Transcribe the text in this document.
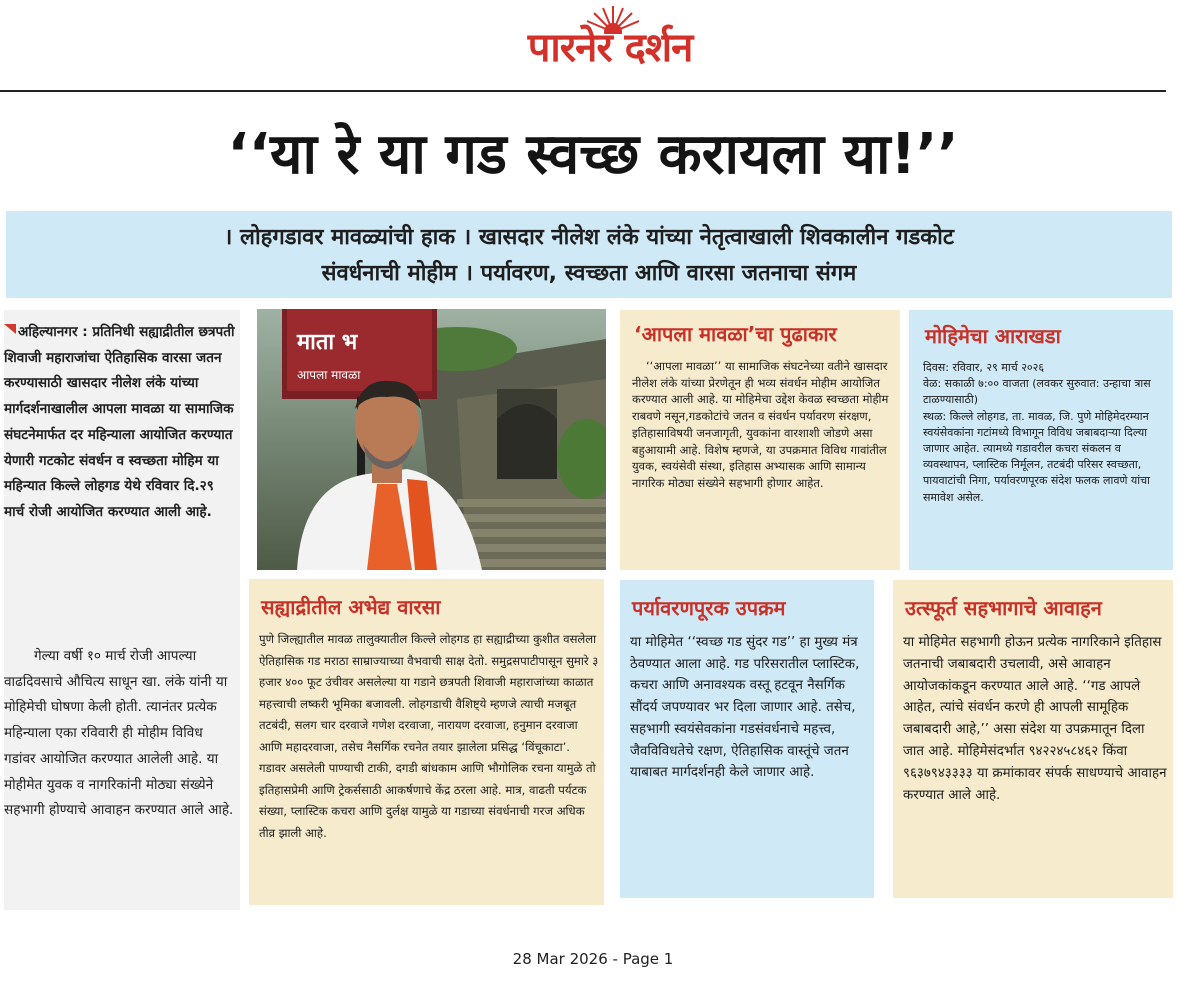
पारनेर दर्शन
‘‘या रे या गड स्वच्छ करायला या!’’
। लोहगडावर मावळ्यांची हाक । खासदार नीलेश लंके यांच्या नेतृत्वाखाली शिवकालीन गडकोट
संवर्धनाची मोहीम । पर्यावरण, स्वच्छता आणि वारसा जतनाचा संगम

अहिल्यानगर : प्रतिनिधी सह्याद्रीतील छत्रपती शिवाजी महाराजांचा ऐतिहासिक वारसा जतन करण्यासाठी खासदार नीलेश लंके यांच्या मार्गदर्शनाखालील आपला मावळा या सामाजिक संघटनेमार्फत दर महिन्याला आयोजित करण्यात येणारी गटकोट संवर्धन व स्वच्छता मोहिम या महिन्यात किल्ले लोहगड येथे रविवार दि.२९ मार्च रोजी आयोजित करण्यात आली आहे.

गेल्या वर्षी १० मार्च रोजी आपल्या वाढदिवसाचे औचित्य साधून खा. लंके यांनी या मोहिमेची घोषणा केली होती. त्यानंतर प्रत्येक महिन्याला एका रविवारी ही मोहीम विविध गडांवर आयोजित करण्यात आलेली आहे. या मोहीमेत युवक व नागरिकांनी मोठ्या संख्येने सहभागी होण्याचे आवाहन करण्यात आले आहे.

माता भ
आपला मावळा
‘आपला मावळा’चा पुढाकार
‘‘आपला मावळा’’ या सामाजिक संघटनेच्या वतीने खासदार नीलेश लंके यांच्या प्रेरणेतून ही भव्य संवर्धन मोहीम आयोजित करण्यात आली आहे. या मोहिमेचा उद्देश केवळ स्वच्छता मोहीम राबवणे नसून,गडकोटांचे जतन व संवर्धन पर्यावरण संरक्षण, इतिहासाविषयी जनजागृती, युवकांना वारशाशी जोडणे असा बहुआयामी आहे. विशेष म्हणजे, या उपक्रमात विविध गावांतील युवक, स्वयंसेवी संस्था, इतिहास अभ्यासक आणि सामान्य नागरिक मोठ्या संख्येने सहभागी होणार आहेत.
मोहिमेचा आराखडा
दिवस: रविवार, २९ मार्च २०२६
वेळ: सकाळी ७:०० वाजता (लवकर सुरुवात: उन्हाचा त्रास टाळण्यासाठी)
स्थळ: किल्ले लोहगड, ता. मावळ, जि. पुणे मोहिमेदरम्यान स्वयंसेवकांना गटांमध्ये विभागून विविध जबाबदाऱ्या दिल्या जाणार आहेत. त्यामध्ये गडावरील कचरा संकलन व व्यवस्थापन, प्लास्टिक निर्मूलन, तटबंदी परिसर स्वच्छता, पायवाटांची निगा, पर्यावरणपूरक संदेश फलक लावणे यांचा समावेश असेल.
सह्याद्रीतील अभेद्य वारसा
पुणे जिल्ह्यातील मावळ तालुक्यातील किल्ले लोहगड हा सह्याद्रीच्या कुशीत वसलेला ऐतिहासिक गड मराठा साम्राज्याच्या वैभवाची साक्ष देतो. समुद्रसपाटीपासून सुमारे ३ हजार ४०० फूट उंचीवर असलेल्या या गडाने छत्रपती शिवाजी महाराजांच्या काळात महत्त्वाची लष्करी भूमिका बजावली. लोहगडाची वैशिष्ट्ये म्हणजे त्याची मजबूत तटबंदी, सलग चार दरवाजे गणेश दरवाजा, नारायण दरवाजा, हनुमान दरवाजा आणि महादरवाजा, तसेच नैसर्गिक रचनेत तयार झालेला प्रसिद्ध ‘विंचूकाटा’. गडावर असलेली पाण्याची टाकी, दगडी बांधकाम आणि भौगोलिक रचना यामुळे तो इतिहासप्रेमी आणि ट्रेकर्ससाठी आकर्षणाचे केंद्र ठरला आहे. मात्र, वाढती पर्यटक संख्या, प्लास्टिक कचरा आणि दुर्लक्ष यामुळे या गडाच्या संवर्धनाची गरज अधिक तीव्र झाली आहे.
पर्यावरणपूरक उपक्रम
या मोहिमेत ‘‘स्वच्छ गड सुंदर गड’’ हा मुख्य मंत्र ठेवण्यात आला आहे. गड परिसरातील प्लास्टिक, कचरा आणि अनावश्यक वस्तू हटवून नैसर्गिक सौंदर्य जपण्यावर भर दिला जाणार आहे. तसेच, सहभागी स्वयंसेवकांना गडसंवर्धनाचे महत्त्व, जैवविविधतेचे रक्षण, ऐतिहासिक वास्तूंचे जतन याबाबत मार्गदर्शनही केले जाणार आहे.
उत्स्फूर्त सहभागाचे आवाहन
या मोहिमेत सहभागी होऊन प्रत्येक नागरिकाने इतिहास जतनाची जबाबदारी उचलावी, असे आवाहन आयोजकांकडून करण्यात आले आहे. ‘‘गड आपले आहेत, त्यांचे संवर्धन करणे ही आपली सामूहिक जबाबदारी आहे,’’ असा संदेश या उपक्रमातून दिला जात आहे. मोहिमेसंदर्भात ९४२२४५८४६२ किंवा ९६३७९४३३३३ या क्रमांकावर संपर्क साधण्याचे आवाहन करण्यात आले आहे.
28 Mar 2026 - Page 1
